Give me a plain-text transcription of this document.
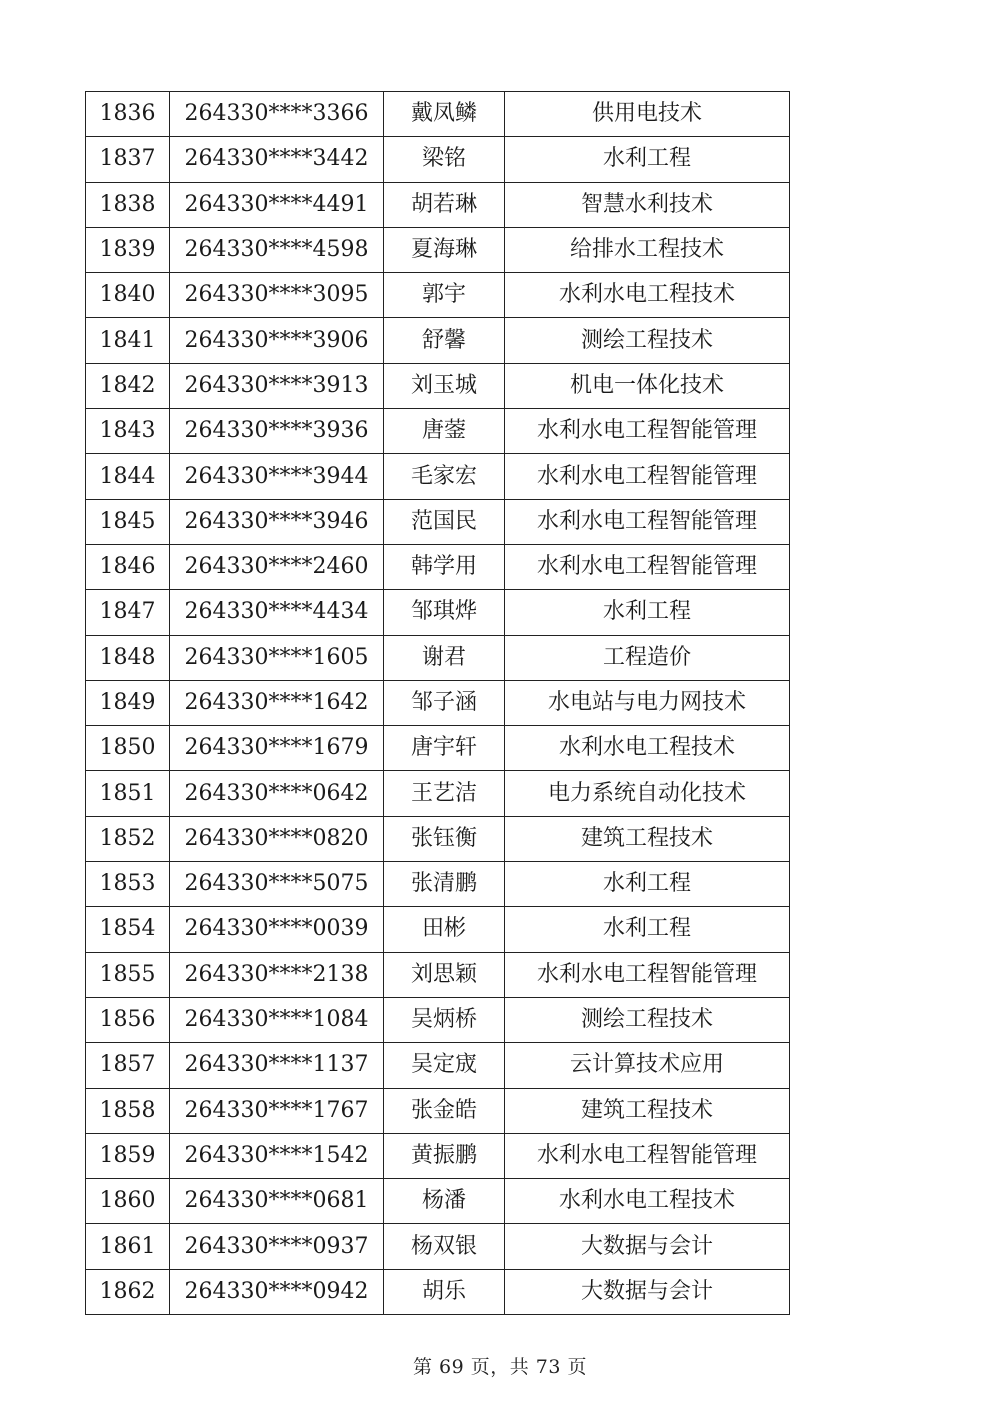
1836	264330****3366	戴凤鳞	供用电技术
1837	264330****3442	梁铭	水利工程
1838	264330****4491	胡若琳	智慧水利技术
1839	264330****4598	夏海琳	给排水工程技术
1840	264330****3095	郭宇	水利水电工程技术
1841	264330****3906	舒馨	测绘工程技术
1842	264330****3913	刘玉城	机电一体化技术
1843	264330****3936	唐蓥	水利水电工程智能管理
1844	264330****3944	毛家宏	水利水电工程智能管理
1845	264330****3946	范国民	水利水电工程智能管理
1846	264330****2460	韩学用	水利水电工程智能管理
1847	264330****4434	邹琪烨	水利工程
1848	264330****1605	谢君	工程造价
1849	264330****1642	邹子涵	水电站与电力网技术
1850	264330****1679	唐宇轩	水利水电工程技术
1851	264330****0642	王艺洁	电力系统自动化技术
1852	264330****0820	张钰衡	建筑工程技术
1853	264330****5075	张清鹏	水利工程
1854	264330****0039	田彬	水利工程
1855	264330****2138	刘思颖	水利水电工程智能管理
1856	264330****1084	吴炳桥	测绘工程技术
1857	264330****1137	吴定宬	云计算技术应用
1858	264330****1767	张金皓	建筑工程技术
1859	264330****1542	黄振鹏	水利水电工程智能管理
1860	264330****0681	杨潘	水利水电工程技术
1861	264330****0937	杨双银	大数据与会计
1862	264330****0942	胡乐	大数据与会计
第 69 页，共 73 页
